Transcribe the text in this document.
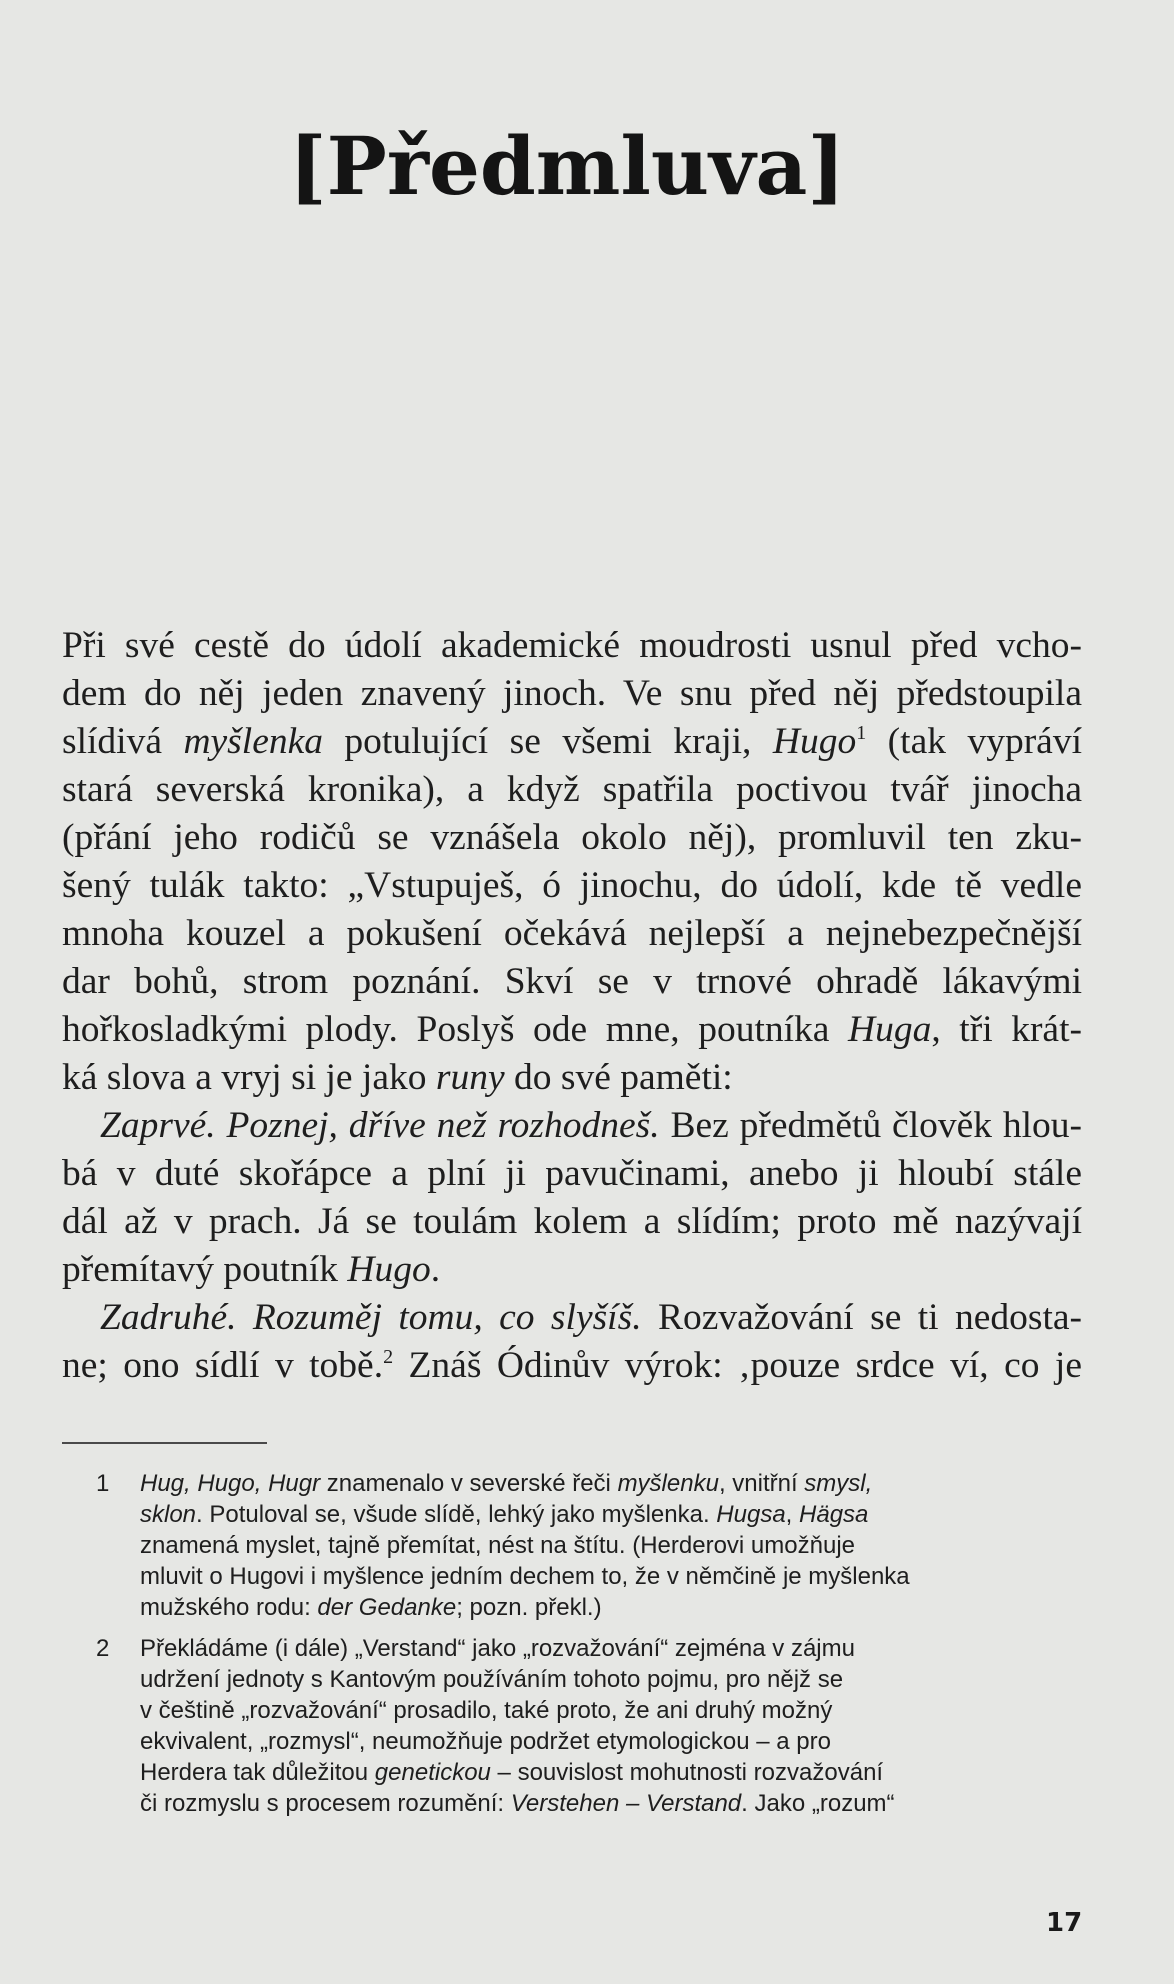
[Předmluva]
Při své cestě do údolí akademické moudrosti usnul před vcho-
dem do něj jeden znavený jinoch. Ve snu před něj předstoupila
slídivá myšlenka potulující se všemi kraji, Hugo$^1$ (tak vypráví
stará severská kronika), a když spatřila poctivou tvář jinocha
(přání jeho rodičů se vznášela okolo něj), promluvil ten zku-
šený tulák takto: „Vstupuješ, ó jinochu, do údolí, kde tě vedle
mnoha kouzel a pokušení očekává nejlepší a nejnebezpečnější
dar bohů, strom poznání. Skví se v trnové ohradě lákavými
hořkosladkými plody. Poslyš ode mne, poutníka Huga, tři krát-
ká slova a vryj si je jako runy do své paměti:
Zaprvé. Poznej, dříve než rozhodneš. Bez předmětů člověk hlou-
bá v duté skořápce a plní ji pavučinami, anebo ji hloubí stále
dál až v prach. Já se toulám kolem a slídím; proto mě nazývají
přemítavý poutník Hugo.
Zadruhé. Rozuměj tomu, co slyšíš. Rozvažování se ti nedosta-
ne; ono sídlí v tobě.$^2$ Znáš Ódinův výrok: ‚pouze srdce ví, co je
1	Hug, Hugo, Hugr znamenalo v severské řeči myšlenku, vnitřní smysl,
sklon. Potuloval se, všude slídě, lehký jako myšlenka. Hugsa, Hägsa
znamená myslet, tajně přemítat, nést na štítu. (Herderovi umožňuje
mluvit o Hugovi i myšlence jedním dechem to, že v němčině je myšlenka
mužského rodu: der Gedanke; pozn. překl.)
2	Překládáme (i dále) „Verstand“ jako „rozvažování“ zejména v zájmu
udržení jednoty s Kantovým používáním tohoto pojmu, pro nějž se
v češtině „rozvažování“ prosadilo, také proto, že ani druhý možný
ekvivalent, „rozmysl“, neumožňuje podržet etymologickou – a pro
Herdera tak důležitou genetickou – souvislost mohutnosti rozvažování
či rozmyslu s procesem rozumění: Verstehen – Verstand. Jako „rozum“
17
